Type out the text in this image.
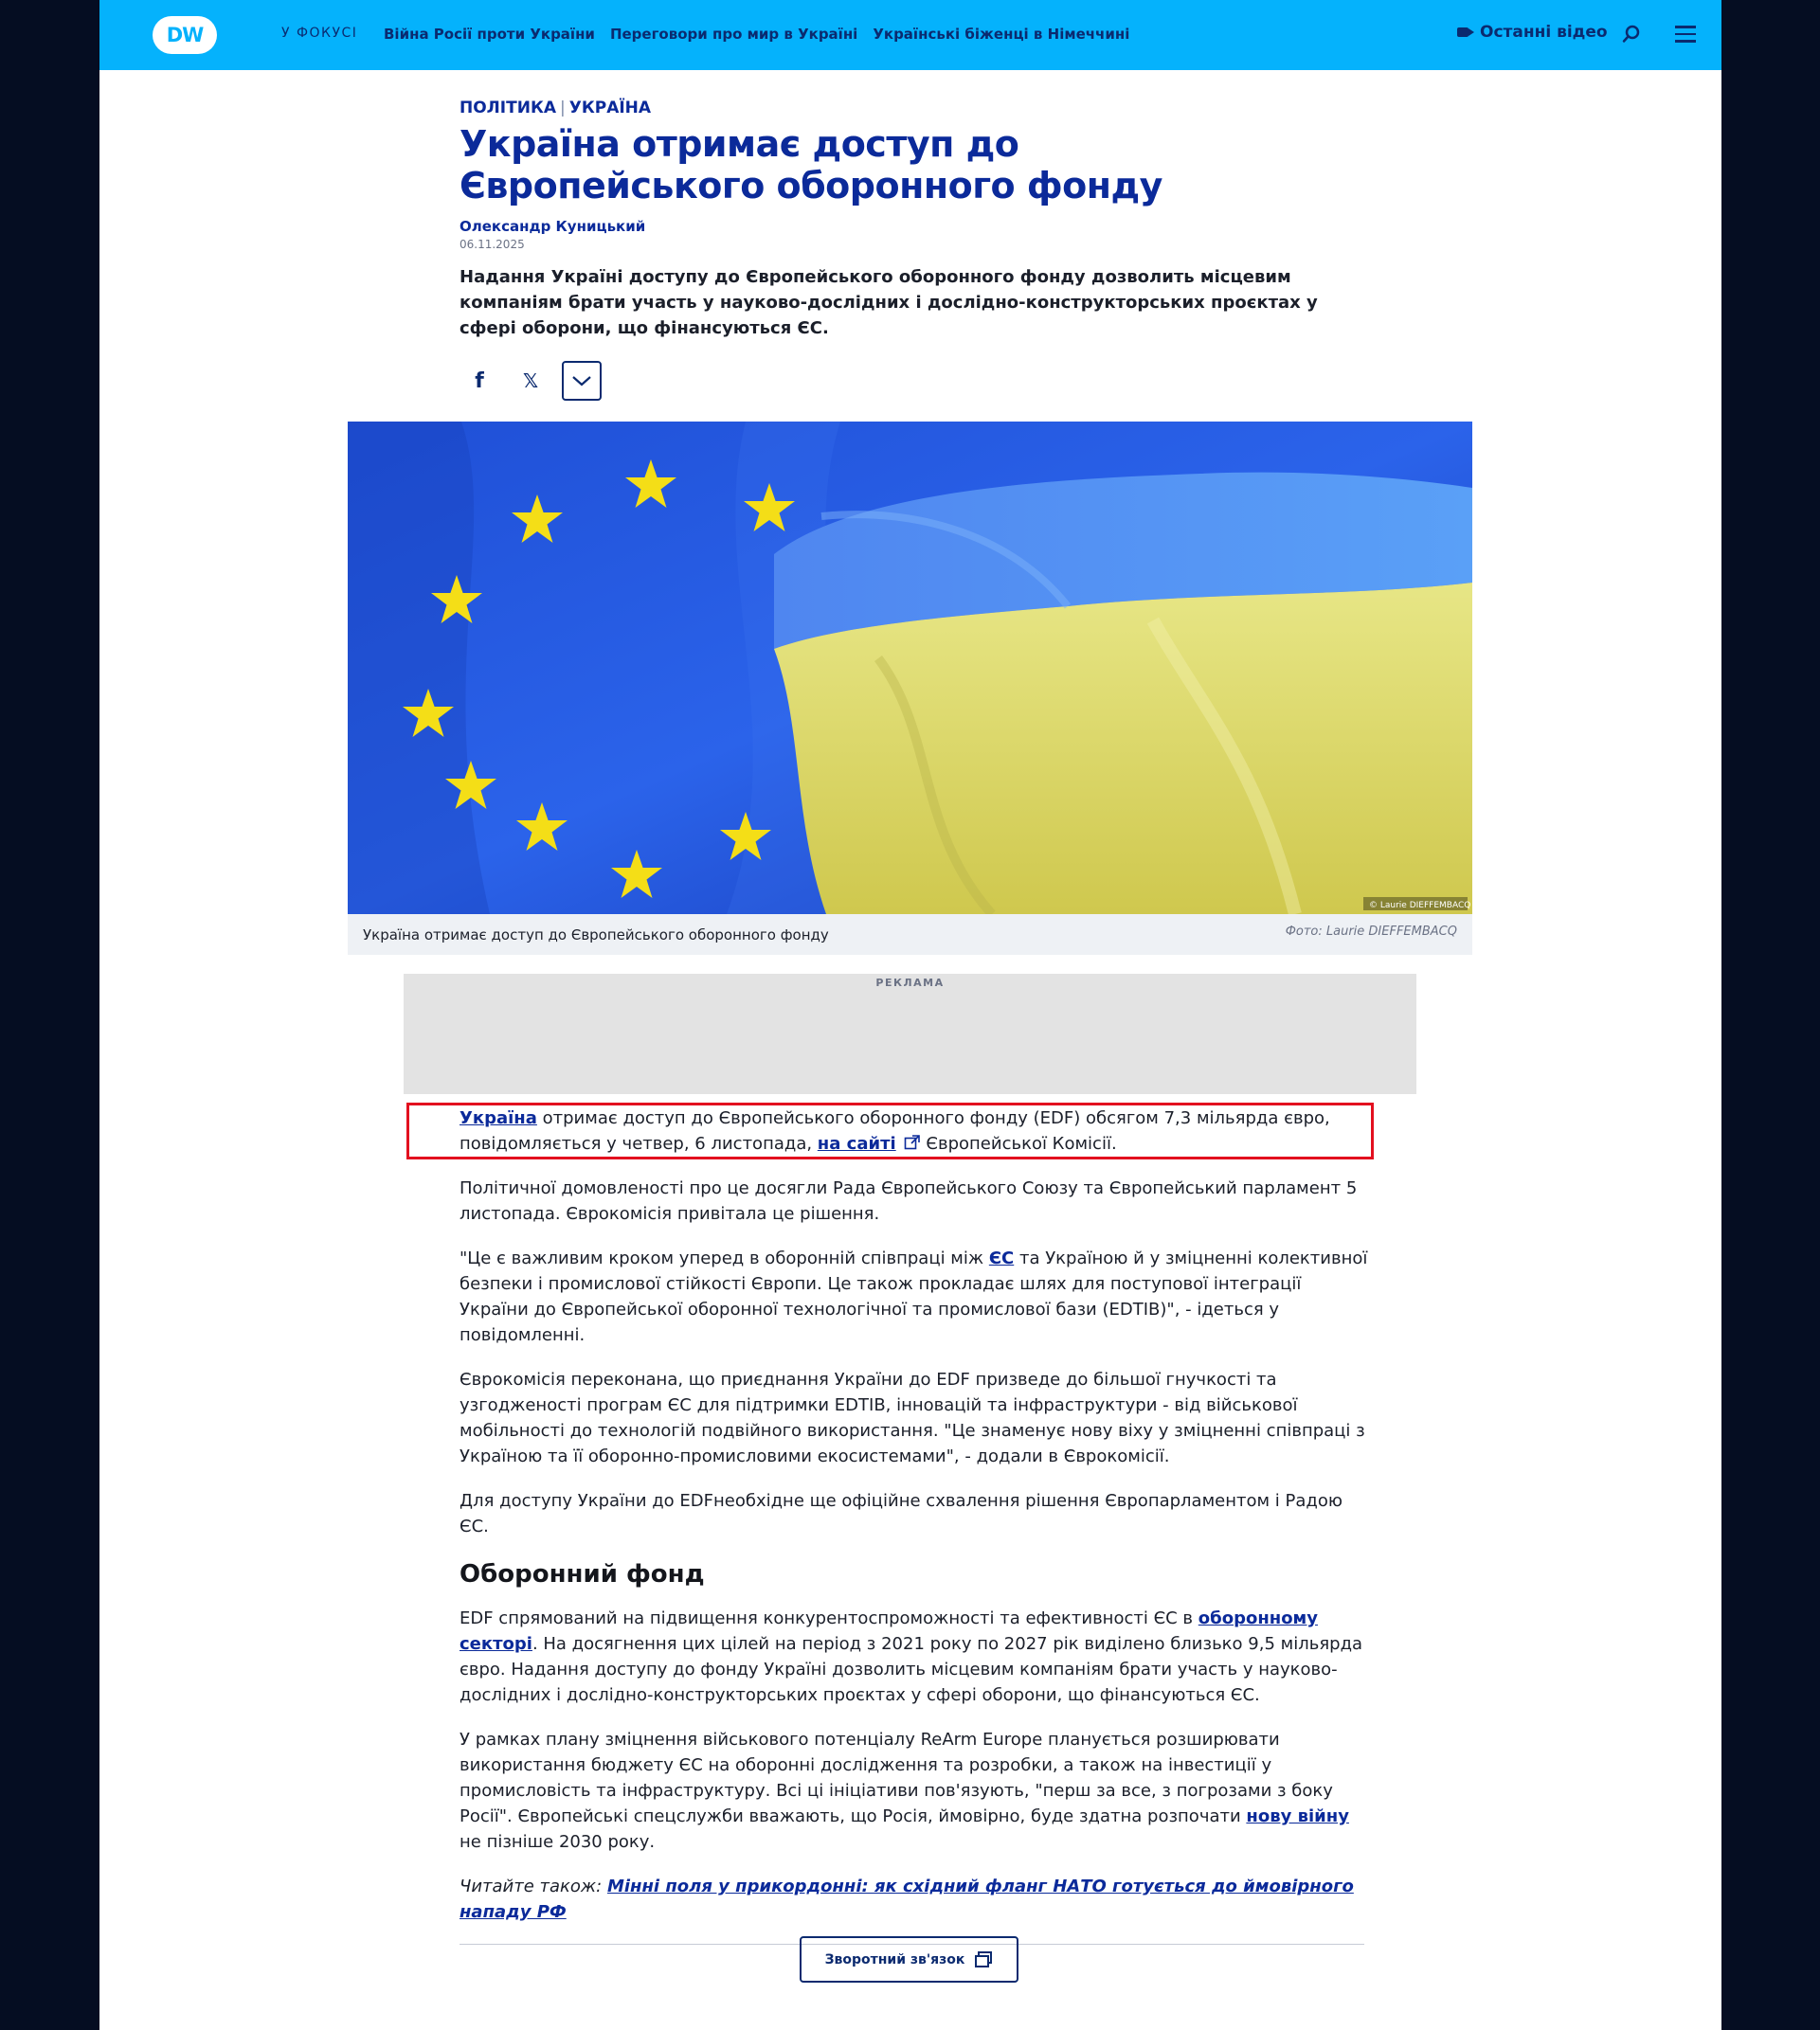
DW	У ФОКУСІ Війна Росії проти України Переговори про мир в Україні Українські біженці в Німеччині	Останні відео
ПОЛІТИКА | УКРАЇНА
Україна отримає доступ до Європейського оборонного фонду
Олександр Куницький
06.11.2025

Надання Україні доступу до Європейського оборонного фонду дозволить місцевим компаніям брати участь у науково-дослідних і дослідно-конструкторських проєктах у сфері оборони, що фінансуються ЄС.

f 𝕏
© Laurie DIEFFEMBACQ
Україна отримає доступ до Європейського оборонного фонду	Фото: Laurie DIEFFEMBACQ
РЕКЛАМА

Україна отримає доступ до Європейського оборонного фонду (EDF) обсягом 7,3 мільярда євро, повідомляється у четвер, 6 листопада, на сайті Європейської Комісії.

Політичної домовленості про це досягли Рада Європейського Союзу та Європейський парламент 5 листопада. Єврокомісія привітала це рішення.

"Це є важливим кроком уперед в оборонній співпраці між ЄС та Україною й у зміцненні колективної безпеки і промислової стійкості Європи. Це також прокладає шлях для поступової інтеграції України до Європейської оборонної технологічної та промислової бази (EDTIB)", - ідеться у повідомленні.

Єврокомісія переконана, що приєднання України до EDF призведе до більшої гнучкості та узгодженості програм ЄС для підтримки EDTIB, інновацій та інфраструктури - від військової мобільності до технологій подвійного використання. "Це знаменує нову віху у зміцненні співпраці з Україною та її оборонно-промисловими екосистемами", - додали в Єврокомісії.

Для доступу України до EDFнеобхідне ще офіційне схвалення рішення Європарламентом і Радою ЄС.

Оборонний фонд

EDF спрямований на підвищення конкурентоспроможності та ефективності ЄС в оборонному секторі. На досягнення цих цілей на період з 2021 року по 2027 рік виділено близько 9,5 мільярда євро. Надання доступу до фонду Україні дозволить місцевим компаніям брати участь у науково-дослідних і дослідно-конструкторських проєктах у сфері оборони, що фінансуються ЄС.

У рамках плану зміцнення військового потенціалу ReArm Europe планується розширювати використання бюджету ЄС на оборонні дослідження та розробки, а також на інвестиції у промисловість та інфраструктуру. Всі ці ініціативи пов'язують, "перш за все, з погрозами з боку Росії". Європейські спецслужби вважають, що Росія, ймовірно, буде здатна розпочати нову війну не пізніше 2030 року.

Читайте також: Мінні поля у прикордонні: як східний фланг НАТО готується до ймовірного нападу РФ

Зворотний зв'язок
